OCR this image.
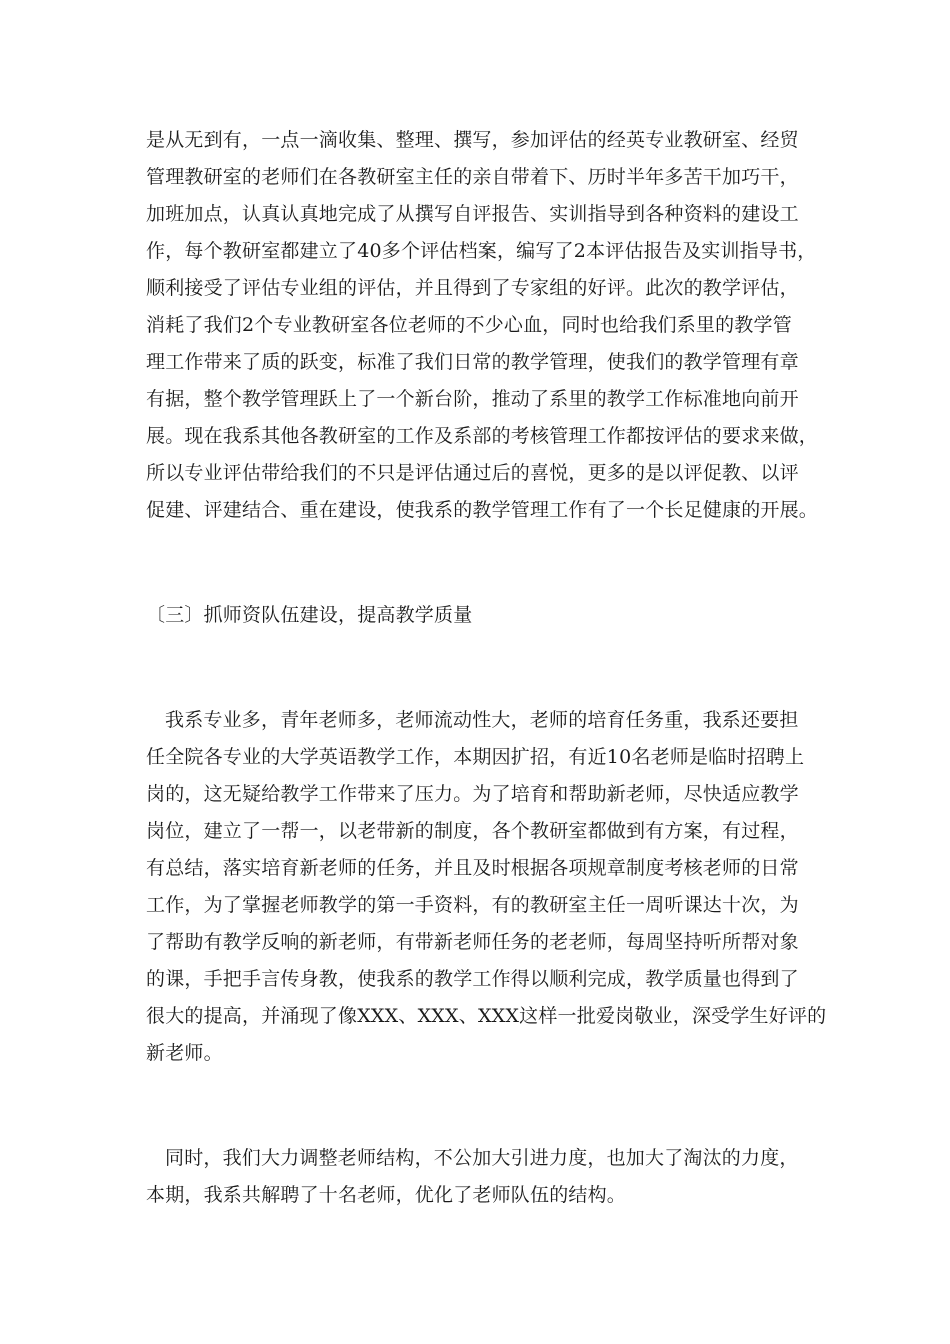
是从无到有，一点一滴收集、整理、撰写，参加评估的经英专业教研室、经贸
管理教研室的老师们在各教研室主任的亲自带着下、历时半年多苦干加巧干，
加班加点，认真认真地完成了从撰写自评报告、实训指导到各种资料的建设工
作，每个教研室都建立了40多个评估档案，编写了2本评估报告及实训指导书，
顺利接受了评估专业组的评估，并且得到了专家组的好评。此次的教学评估，
消耗了我们2个专业教研室各位老师的不少心血，同时也给我们系里的教学管
理工作带来了质的跃变，标准了我们日常的教学管理，使我们的教学管理有章
有据，整个教学管理跃上了一个新台阶，推动了系里的教学工作标准地向前开
展。现在我系其他各教研室的工作及系部的考核管理工作都按评估的要求来做，
所以专业评估带给我们的不只是评估通过后的喜悦，更多的是以评促教、以评
促建、评建结合、重在建设，使我系的教学管理工作有了一个长足健康的开展。
〔三〕抓师资队伍建设，提高教学质量
我系专业多，青年老师多，老师流动性大，老师的培育任务重，我系还要担
任全院各专业的大学英语教学工作，本期因扩招，有近10名老师是临时招聘上
岗的，这无疑给教学工作带来了压力。为了培育和帮助新老师，尽快适应教学
岗位，建立了一帮一，以老带新的制度，各个教研室都做到有方案，有过程，
有总结，落实培育新老师的任务，并且及时根据各项规章制度考核老师的日常
工作，为了掌握老师教学的第一手资料，有的教研室主任一周听课达十次，为
了帮助有教学反响的新老师，有带新老师任务的老老师，每周坚持听所帮对象
的课，手把手言传身教，使我系的教学工作得以顺利完成，教学质量也得到了
很大的提高，并涌现了像XXX、XXX、XXX这样一批爱岗敬业，深受学生好评的
新老师。
同时，我们大力调整老师结构，不公加大引进力度，也加大了淘汰的力度，
本期，我系共解聘了十名老师，优化了老师队伍的结构。
